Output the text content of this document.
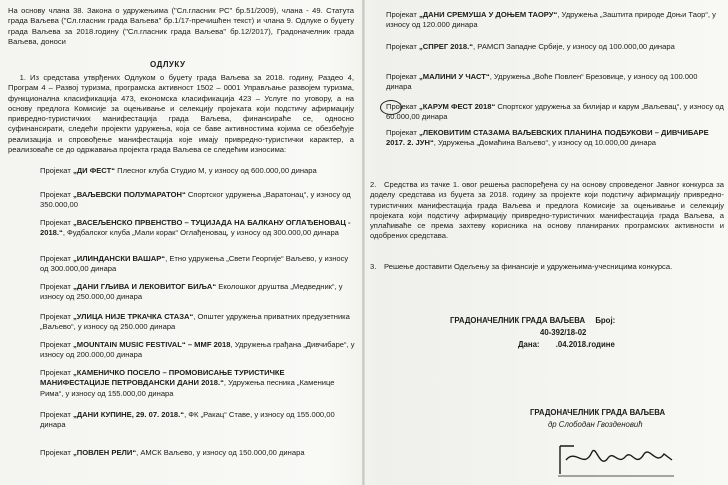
На основу члана 38. Закона о удружењима ("Сл.гласник РС" бр.51/2009), члана - 49. Статута града Ваљева ("Сл.гласник града Ваљева" бр.1/17-пречишћен текст) и члана 9. Одлуке о буџету града Ваљева за 2018.годину ("Сл.гласник града Ваљева" бр.12/2017), Градоначелник града Ваљева, доноси
ОДЛУКУ
1. Из средстава утврђених Одлуком о буџету града Ваљева за 2018. годину, Раздео 4, Програм 4 – Развој туризма, програмска активност 1502 – 0001 Управљање развојем туризма, функционална класификација 473, економска класификација 423 – Услуге по уговору, а на основу предлога Комисије за оцењивање и селекцију пројеката који подстичу афирмацију привредно-туристичких манифестација града Ваљева, финансираће се, односно суфинансирати, следећи пројекти удружења, која се баве активностима којима се обезбеђује реализација и спровођење манифестација које имају привредно-туристички карактер, а реализоваће се до одржавања пројекта града Ваљева се следећим износима:
Пројекат „ДИ ФЕСТ“ Плесног клуба Студио М, у износу од 600.000,00 динара
Пројекат „ВАЉЕВСКИ ПОЛУМАРАТОН“ Спортског удружења „Варатонац“, у износу од 350.000,00
Пројекат „ВАСЕЉЕНСКО ПРВЕНСТВО – ТУЦИЈАДА НА БАЛКАНУ ОГЛАЂЕНОВАЦ - 2018.“, Фудбалског клуба „Мали корак“ Оглађеновац, у износу од 300.000,00 динара
Пројекат „ИЛИНДАНСКИ ВАШАР“, Етно удружења „Свети Георгије“ Ваљево, у износу од 300.000,00 динара
Пројекат „ДАНИ ГЉИВА И ЛЕКОВИТОГ БИЉА“ Еколошког друштва „Медведник“, у износу од 250.000,00 динара
Пројекат „УЛИЦА НИЈЕ ТРКАЧКА СТАЗА“, Општег удружења приватних предузетника „Ваљево“, у износу од 250.000 динара
Пројекат „MOUNTAIN MUSIC FESTIVAL“ – MMF 2018, Удружења грађана „Дивчибаре“, у износу од 200.000,00 динара
Пројекат „КАМЕНИЧКО ПОСЕЛО – ПРОМОВИСАЊЕ ТУРИСТИЧКЕ МАНИФЕСТАЦИЈЕ ПЕТРОВДАНСКИ ДАНИ 2018.“, Удружења песника „Каменице Рима“, у износу од 155.000,00 динара
Пројекат „ДАНИ КУПИНЕ, 29. 07. 2018.“, ФК „Ракац“ Ставе, у износу од 155.000,00 динара
Пројекат „ПОВЛЕН РЕЛИ“, АМСК Ваљево, у износу од 150.000,00 динара
Пројекат „ДАНИ СРЕМУША У ДОЊЕМ ТАОРУ“, Удружења „Заштита природе Доњи Таор“, у износу од 120.000 динара
Пројекат „СПРЕГ 2018.“, РАМСП Западне Србије, у износу од 100.000,00 динара
Пројекат „МАЛИНИ У ЧАСТ“, Удружења „Воће Повлен“ Брезовице, у износу од 100.000 динара
Пројекат „КАРУМ ФЕСТ 2018“ Спортског удружења за билијар и карум „Ваљевац“, у износу од 60.000,00 динара
Пројекат „ЛЕКОВИТИМ СТАЗАМА ВАЉЕВСКИХ ПЛАНИНА ПОДБУКОВИ – ДИВЧИБАРЕ 2017. 2. ЈУН“, Удружења „Домаћина Ваљево“, у износу од 10.000,00 динара
2. Средства из тачке 1. овог решења распоређена су на основу спроведеног Јавног конкурса за доделу средстава из буџета за 2018. годину за пројекте који подстичу афирмацију привредно-туристичких манифестација града Ваљева и предлога Комисије за оцењивање и селекцију пројеката који подстичу афирмацију привредно-туристичких манифестација града Ваљева, а уплаћиваће се према захтеву корисника на основу планираних програмских активности и одобрених средстава.
3. Решење доставити Одељењу за финансије и удружењима-учесницима конкурса.
ГРАДОНАЧЕЛНИК ГРАДА ВАЉЕВА Број:
40-392/18-02
Дана: .04.2018.године
ГРАДОНАЧЕЛНИК ГРАДА ВАЉЕВА
др Слободан Гвозденовић
